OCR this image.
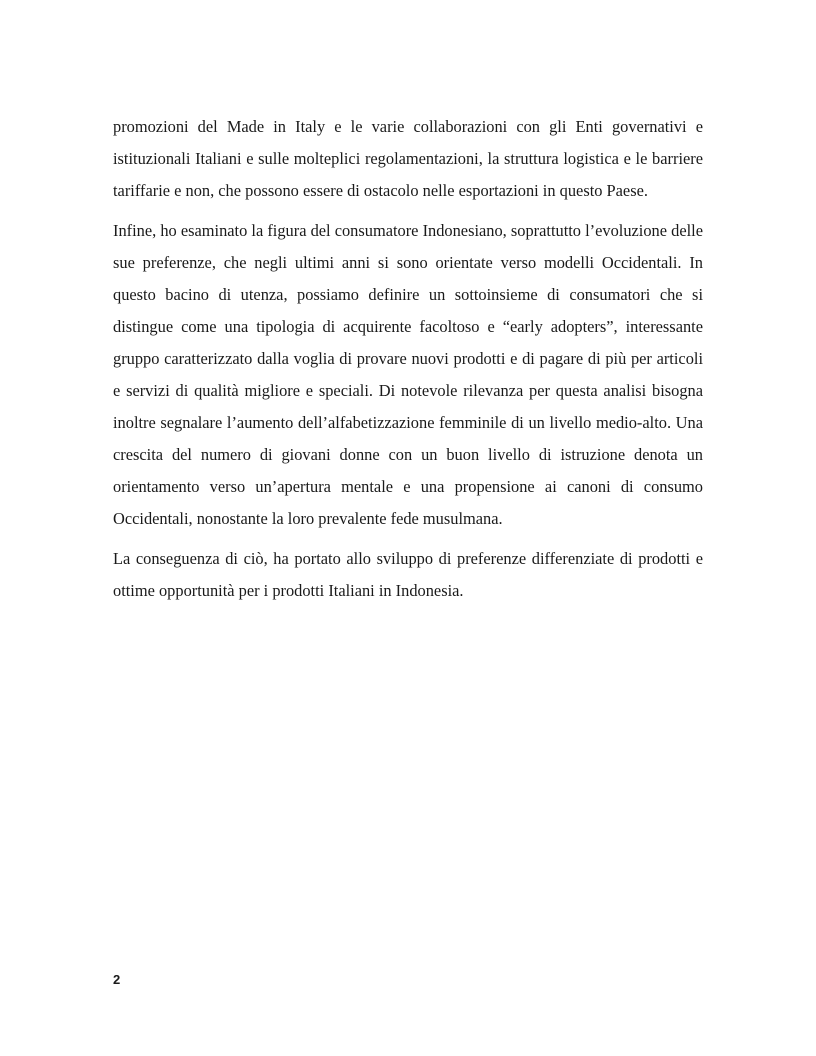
promozioni del Made in Italy e le varie collaborazioni con gli Enti governativi e istituzionali Italiani e sulle molteplici regolamentazioni, la struttura logistica e le barriere tariffarie e non, che possono essere di ostacolo nelle esportazioni in questo Paese.

Infine, ho esaminato la figura del consumatore Indonesiano, soprattutto l’evoluzione delle sue preferenze, che negli ultimi anni si sono orientate verso modelli Occidentali. In questo bacino di utenza, possiamo definire un sottoinsieme di consumatori che si distingue come una tipologia di acquirente facoltoso e “early adopters”, interessante gruppo caratterizzato dalla voglia di provare nuovi prodotti e di pagare di più per articoli e servizi di qualità migliore e speciali. Di notevole rilevanza per questa analisi bisogna inoltre segnalare l’aumento dell’alfabetizzazione femminile di un livello medio-alto. Una crescita del numero di giovani donne con un buon livello di istruzione denota un orientamento verso un’apertura mentale e una propensione ai canoni di consumo Occidentali, nonostante la loro prevalente fede musulmana.

La conseguenza di ciò, ha portato allo sviluppo di preferenze differenziate di prodotti e ottime opportunità per i prodotti Italiani in Indonesia.

2
